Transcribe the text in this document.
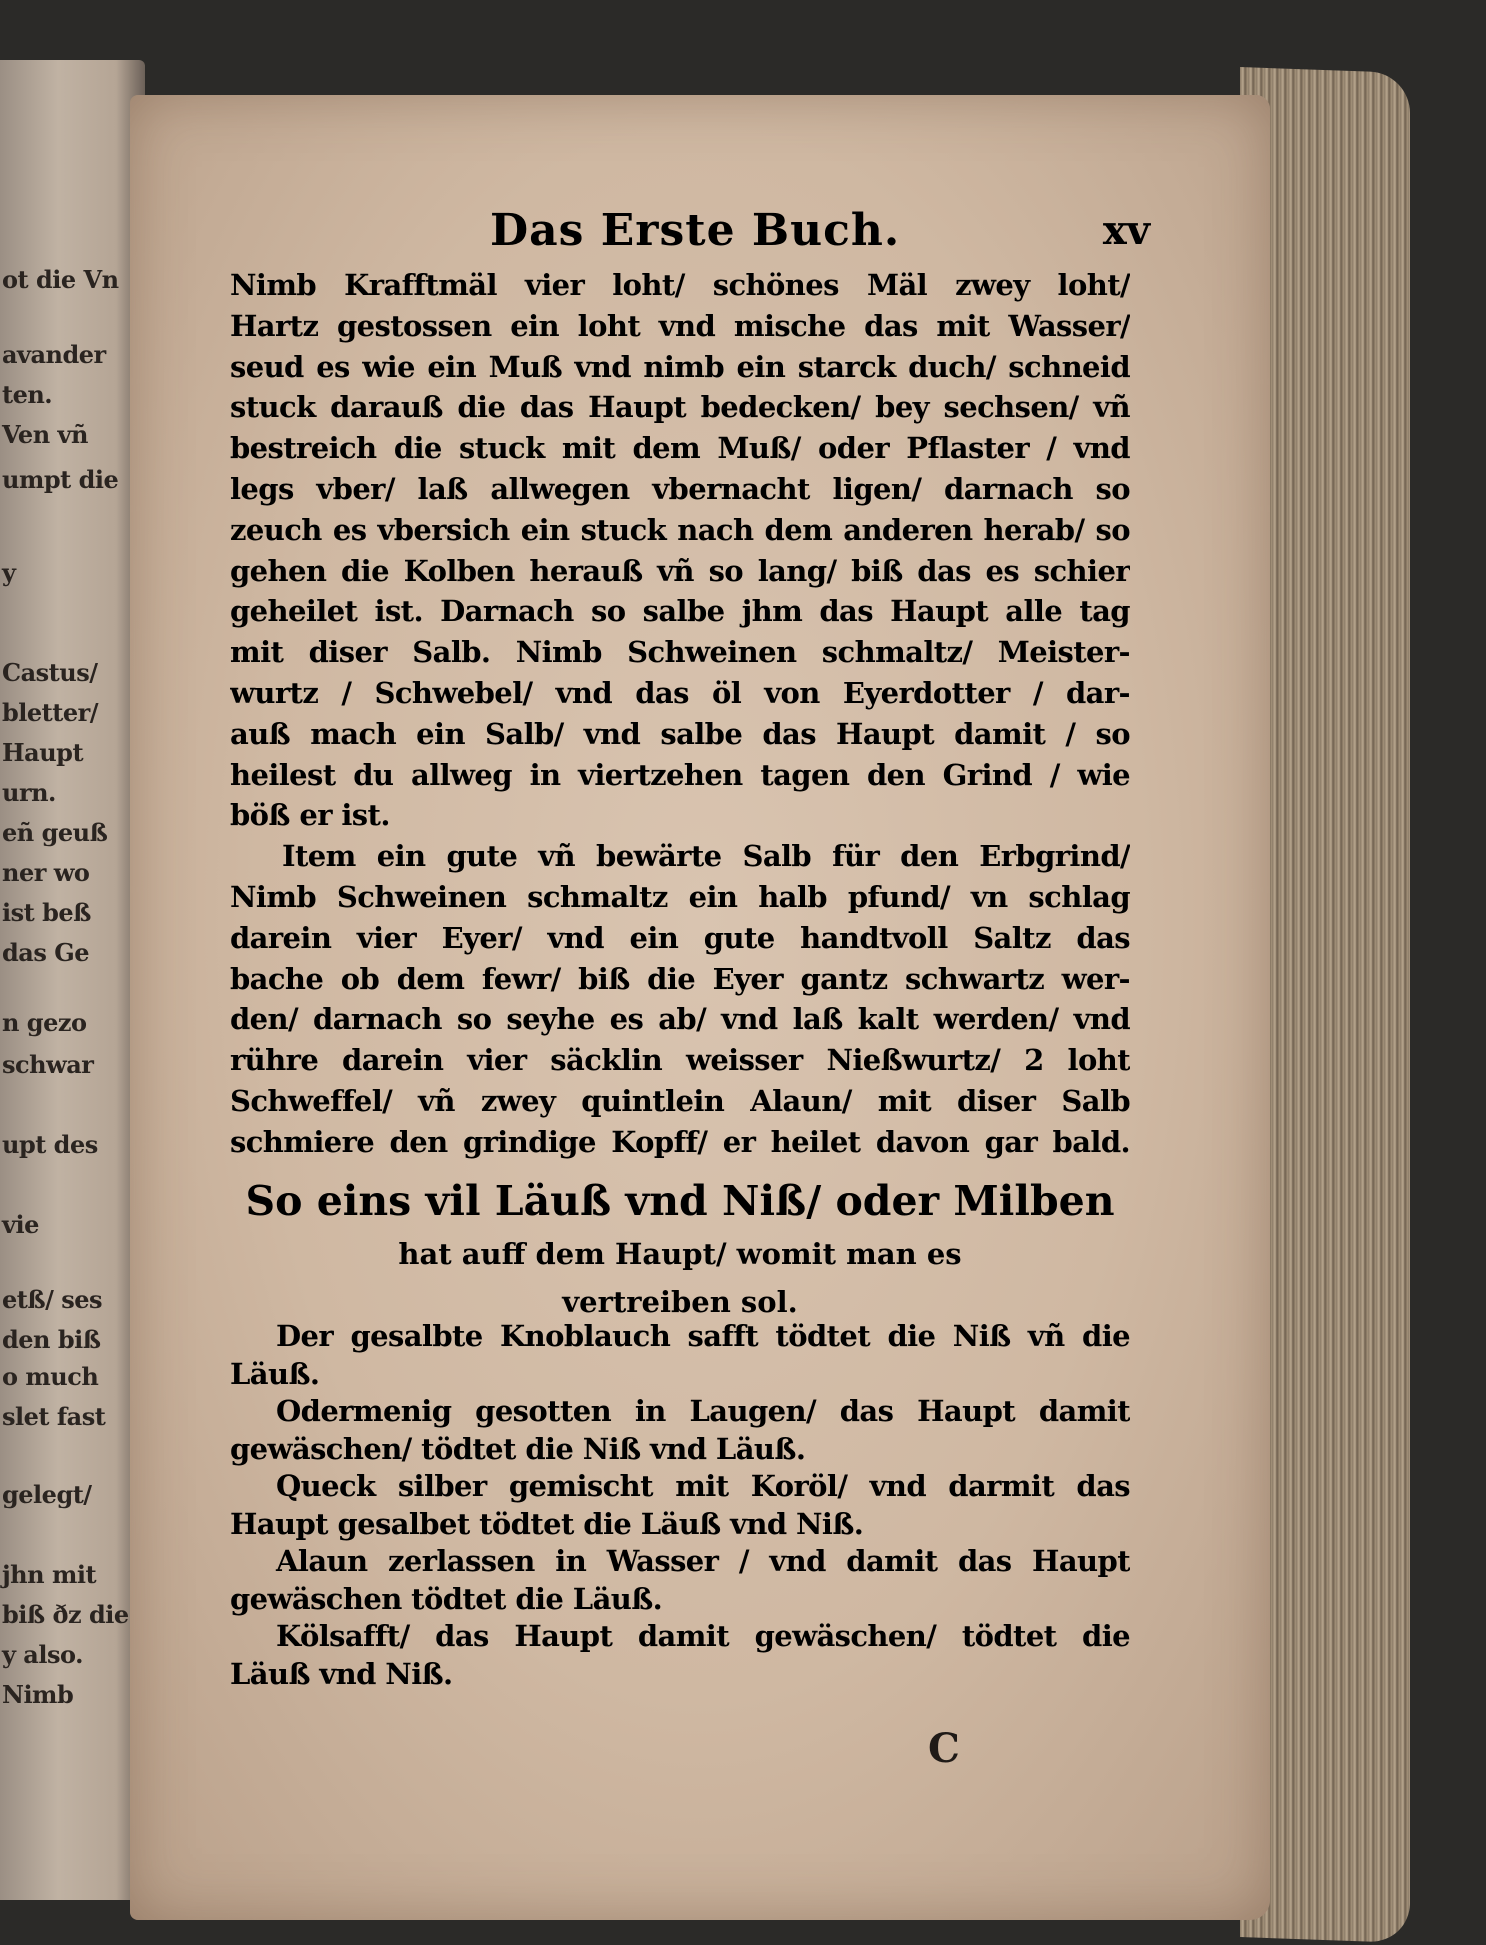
ot die Vn
avander
ten.
Ven vñ
umpt die
y
Castus/
bletter/
Haupt
urn.
eñ geuß
ner wo
ist beß
das Ge
n gezo
schwar
upt des
vie
etß/ ses
den biß
o much
slet fast
gelegt/
jhn mit
biß ðz die
y also.
Nimb
Das Erste Buch.	xv
Nimb Krafftmäl vier loht/ schönes Mäl zwey loht/
Hartz gestossen ein loht vnd mische das mit Wasser/
seud es wie ein Muß vnd nimb ein starck duch/ schneid
stuck darauß die das Haupt bedecken/ bey sechsen/ vñ
bestreich die stuck mit dem Muß/ oder Pflaster / vnd
legs vber/ laß allwegen vbernacht ligen/ darnach so
zeuch es vbersich ein stuck nach dem anderen herab/ so
gehen die Kolben herauß vñ so lang/ biß das es schier
geheilet ist. Darnach so salbe jhm das Haupt alle tag
mit diser Salb. Nimb Schweinen schmaltz/ Meister-
wurtz / Schwebel/ vnd das öl von Eyerdotter / dar-
auß mach ein Salb/ vnd salbe das Haupt damit / so
heilest du allweg in viertzehen tagen den Grind / wie
böß er ist.
Item ein gute vñ bewärte Salb für den Erbgrind/
Nimb Schweinen schmaltz ein halb pfund/ vn schlag
darein vier Eyer/ vnd ein gute handtvoll Saltz das
bache ob dem fewr/ biß die Eyer gantz schwartz wer-
den/ darnach so seyhe es ab/ vnd laß kalt werden/ vnd
rühre darein vier säcklin weisser Nießwurtz/ 2 loht
Schweffel/ vñ zwey quintlein Alaun/ mit diser Salb
schmiere den grindige Kopff/ er heilet davon gar bald.
So eins vil Läuß vnd Niß/ oder Milben
hat auff dem Haupt/ womit man es
vertreiben sol.
Der gesalbte Knoblauch safft tödtet die Niß vñ die
Läuß.
Odermenig gesotten in Laugen/ das Haupt damit
gewäschen/ tödtet die Niß vnd Läuß.
Queck silber gemischt mit Koröl/ vnd darmit das
Haupt gesalbet tödtet die Läuß vnd Niß.
Alaun zerlassen in Wasser / vnd damit das Haupt
gewäschen tödtet die Läuß.
Kölsafft/ das Haupt damit gewäschen/ tödtet die
Läuß vnd Niß.
C
